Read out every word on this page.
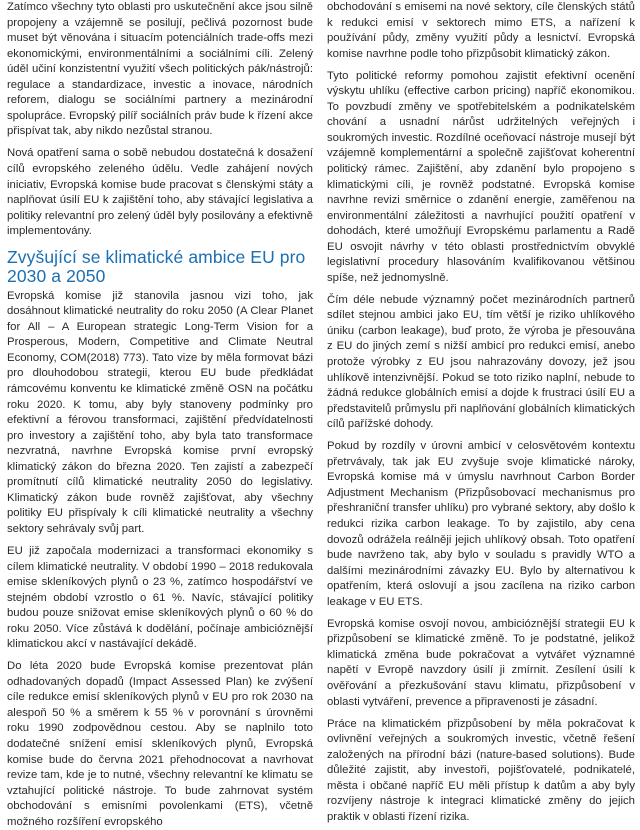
Zatímco všechny tyto oblasti pro uskutečnění akce jsou silně propojeny a vzájemně se posilují, pečlivá pozornost bude muset být věnována i situacím potenciálních trade-offs mezi ekonomickými, environmentálními a sociálními cíli. Zelený úděl učiní konzistentní využití všech politických pák/nástrojů: regulace a standardizace, investic a inovace, národních reforem, dialogu se sociálními partnery a mezinárodní spolupráce. Evropský pilíř sociálních práv bude k řízení akce přispívat tak, aby nikdo nezůstal stranou.

Nová opatření sama o sobě nebudou dostatečná k dosažení cílů evropského zeleného údělu. Vedle zahájení nových iniciativ, Evropská komise bude pracovat s členskými státy a naplňovat úsilí EU k zajištění toho, aby stávající legislativa a politiky relevantní pro zelený úděl byly posilovány a efektivně implementovány.

Zvyšující se klimatické ambice EU pro 2030 a 2050

Evropská komise již stanovila jasnou vizi toho, jak dosáhnout klimatické neutrality do roku 2050 (A Clear Planet for All – A European strategic Long-Term Vision for a Prosperous, Modern, Competitive and Climate Neutral Economy, COM(2018) 773). Tato vize by měla formovat bázi pro dlouhodobou strategii, kterou EU bude předkládat rámcovému konventu ke klimatické změně OSN na počátku roku 2020. K tomu, aby byly stanoveny podmínky pro efektivní a férovou transformaci, zajištění předvídatelnosti pro investory a zajištění toho, aby byla tato transformace nezvratná, navrhne Evropská komise první evropský klimatický zákon do března 2020. Ten zajistí a zabezpečí promítnutí cílů klimatické neutrality 2050 do legislativy. Klimatický zákon bude rovněž zajišťovat, aby všechny politiky EU přispívaly k cíli klimatické neutrality a všechny sektory sehrávaly svůj part.

EU již započala modernizaci a transformaci ekonomiky s cílem klimatické neutrality. V období 1990 – 2018 redukovala emise skleníkových plynů o 23 %, zatímco hospodářství ve stejném období vzrostlo o 61 %. Navíc, stávající politiky budou pouze snižovat emise skleníkových plynů o 60 % do roku 2050. Více zůstává k dodělání, počínaje ambicióznější klimatickou akcí v nastávající dekádě.

Do léta 2020 bude Evropská komise prezentovat plán odhadovaných dopadů (Impact Assessed Plan) ke zvýšení cíle redukce emisí skleníkových plynů v EU pro rok 2030 na alespoň 50 % a směrem k 55 % v porovnání s úrovněmi roku 1990 zodpovědnou cestou. Aby se naplnilo toto dodatečné snížení emisí skleníkových plynů, Evropská komise bude do června 2021 přehodnocovat a navrhovat revize tam, kde je to nutné, všechny relevantní ke klimatu se vztahující politické nástroje. To bude zahrnovat systém obchodování s emisními povolenkami (ETS), včetně možného rozšíření evropského

obchodování s emisemi na nové sektory, cíle členských států k redukci emisí v sektorech mimo ETS, a nařízení k používání půdy, změny využití půdy a lesnictví. Evropská komise navrhne podle toho přizpůsobit klimatický zákon.

Tyto politické reformy pomohou zajistit efektivní ocenění výskytu uhlíku (effective carbon pricing) napříč ekonomikou. To povzbudí změny ve spotřebitelském a podnikatelském chování a usnadní nárůst udržitelných veřejných i soukromých investic. Rozdílné oceňovací nástroje musejí být vzájemně komplementární a společně zajišťovat koherentní politický rámec. Zajištění, aby zdanění bylo propojeno s klimatickými cíli, je rovněž podstatné. Evropská komise navrhne revizi směrnice o zdanění energie, zaměřenou na environmentální záležitosti a navrhující použití opatření v dohodách, které umožňují Evropskému parlamentu a Radě EU osvojit návrhy v této oblasti prostřednictvím obvyklé legislativní procedury hlasováním kvalifikovanou většinou spíše, než jednomyslně.

Čím déle nebude významný počet mezinárodních partnerů sdílet stejnou ambici jako EU, tím větší je riziko uhlíkového úniku (carbon leakage), buď proto, že výroba je přesouvána z EU do jiných zemí s nižší ambicí pro redukci emisí, anebo protože výrobky z EU jsou nahrazovány dovozy, jež jsou uhlíkově intenzivnější. Pokud se toto riziko naplní, nebude to žádná redukce globálních emisí a dojde k frustraci úsilí EU a představitelů průmyslu při naplňování globálních klimatických cílů pařížské dohody.

Pokud by rozdíly v úrovni ambicí v celosvětovém kontextu přetrvávaly, tak jak EU zvyšuje svoje klimatické nároky, Evropská komise má v úmyslu navrhnout Carbon Border Adjustment Mechanism (Přizpůsobovací mechanismus pro přeshraniční transfer uhlíku) pro vybrané sektory, aby došlo k redukci rizika carbon leakage. To by zajistilo, aby cena dovozů odrážela reálněji jejich uhlíkový obsah. Toto opatření bude navrženo tak, aby bylo v souladu s pravidly WTO a dalšími mezinárodními závazky EU. Bylo by alternativou k opatřením, která oslovují a jsou zacílena na riziko carbon leakage v EU ETS.

Evropská komise osvojí novou, ambicióznější strategii EU k přizpůsobení se klimatické změně. To je podstatné, jelikož klimatická změna bude pokračovat a vytvářet významné napětí v Evropě navzdory úsilí ji zmírnit. Zesílení úsilí k ověřování a přezkušování stavu klimatu, přizpůsobení v oblasti vytváření, prevence a připravenosti je zásadní.

Práce na klimatickém přizpůsobení by měla pokračovat k ovlivnění veřejných a soukromých investic, včetně řešení založených na přírodní bázi (nature-based solutions). Bude důležité zajistit, aby investoři, pojišťovatelé, podnikatelé, města i občané napříč EU měli přístup k datům a aby byly rozvíjeny nástroje k integraci klimatické změny do jejich praktik v oblasti řízení rizika.
